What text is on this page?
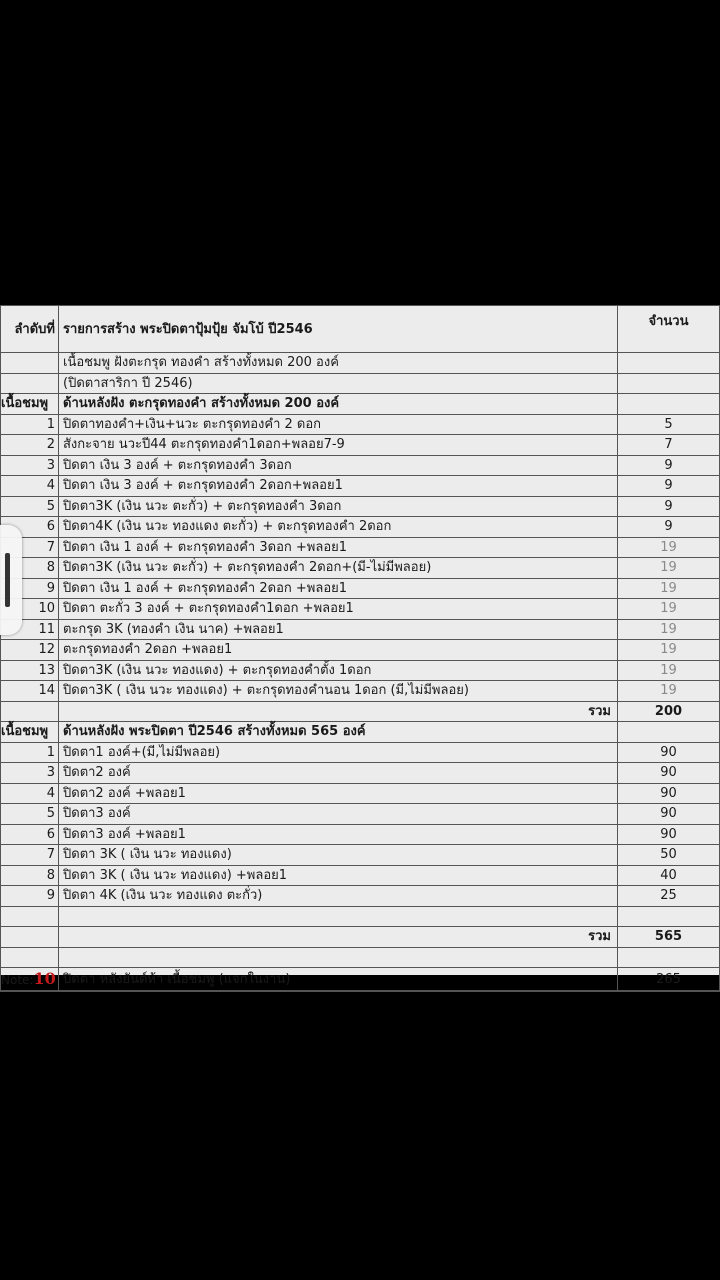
ลำดับที่	รายการสร้าง พระปิดตาปุ้มปุ้ย จัมโบ้ ปี2546	จำนวน
	เนื้อชมพู ฝังตะกรุด ทองคำ สร้างทั้งหมด 200 องค์	
	(ปิดตาสาริกา ปี 2546)	
เนื้อชมพู	ด้านหลังฝัง ตะกรุดทองคำ สร้างทั้งหมด 200 องค์	
1	ปิดตาทองคำ+เงิน+นวะ ตะกรุดทองคำ 2 ดอก	5
2	สังกะจาย นวะปี44 ตะกรุดทองคำ1ดอก+พลอย7-9	7
3	ปิดตา เงิน 3 องค์ + ตะกรุดทองคำ 3ดอก	9
4	ปิดตา เงิน 3 องค์ + ตะกรุดทองคำ 2ดอก+พลอย1	9
5	ปิดตา3K (เงิน นวะ ตะกั่ว) + ตะกรุดทองคำ 3ดอก	9
6	ปิดตา4K (เงิน นวะ ทองแดง ตะกั่ว) + ตะกรุดทองคำ 2ดอก	9
7	ปิดตา เงิน 1 องค์ + ตะกรุดทองคำ 3ดอก +พลอย1	19
8	ปิดตา3K (เงิน นวะ ตะกั่ว) + ตะกรุดทองคำ 2ดอก+(มี-ไม่มีพลอย)	19
9	ปิดตา เงิน 1 องค์ + ตะกรุดทองคำ 2ดอก +พลอย1	19
10	ปิดตา ตะกั่ว 3 องค์ + ตะกรุดทองคำ1ดอก +พลอย1	19
11	ตะกรุด 3K (ทองคำ เงิน นาค) +พลอย1	19
12	ตะกรุดทองคำ 2ดอก +พลอย1	19
13	ปิดตา3K (เงิน นวะ ทองแดง) + ตะกรุดทองคำตั้ง 1ดอก	19
14	ปิดตา3K ( เงิน นวะ ทองแดง) + ตะกรุดทองคำนอน 1ดอก (มี,ไม่มีพลอย)	19
	รวม	200
เนื้อชมพู	ด้านหลังฝัง พระปิดตา ปี2546 สร้างทั้งหมด 565 องค์	
1	ปิดตา1 องค์+(มี,ไม่มีพลอย)	90
3	ปิดตา2 องค์	90
4	ปิดตา2 องค์ +พลอย1	90
5	ปิดตา3 องค์	90
6	ปิดตา3 องค์ +พลอย1	90
7	ปิดตา 3K ( เงิน นวะ ทองแดง)	50
8	ปิดตา 3K ( เงิน นวะ ทองแดง) +พลอย1	40
9	ปิดตา 4K (เงิน นวะ ทองแดง ตะกั่ว)	25

	รวม	565

Note:10	ปิดตา หลังยันต์ห้า เนื้อชมพู (แจกในงาน)	265
